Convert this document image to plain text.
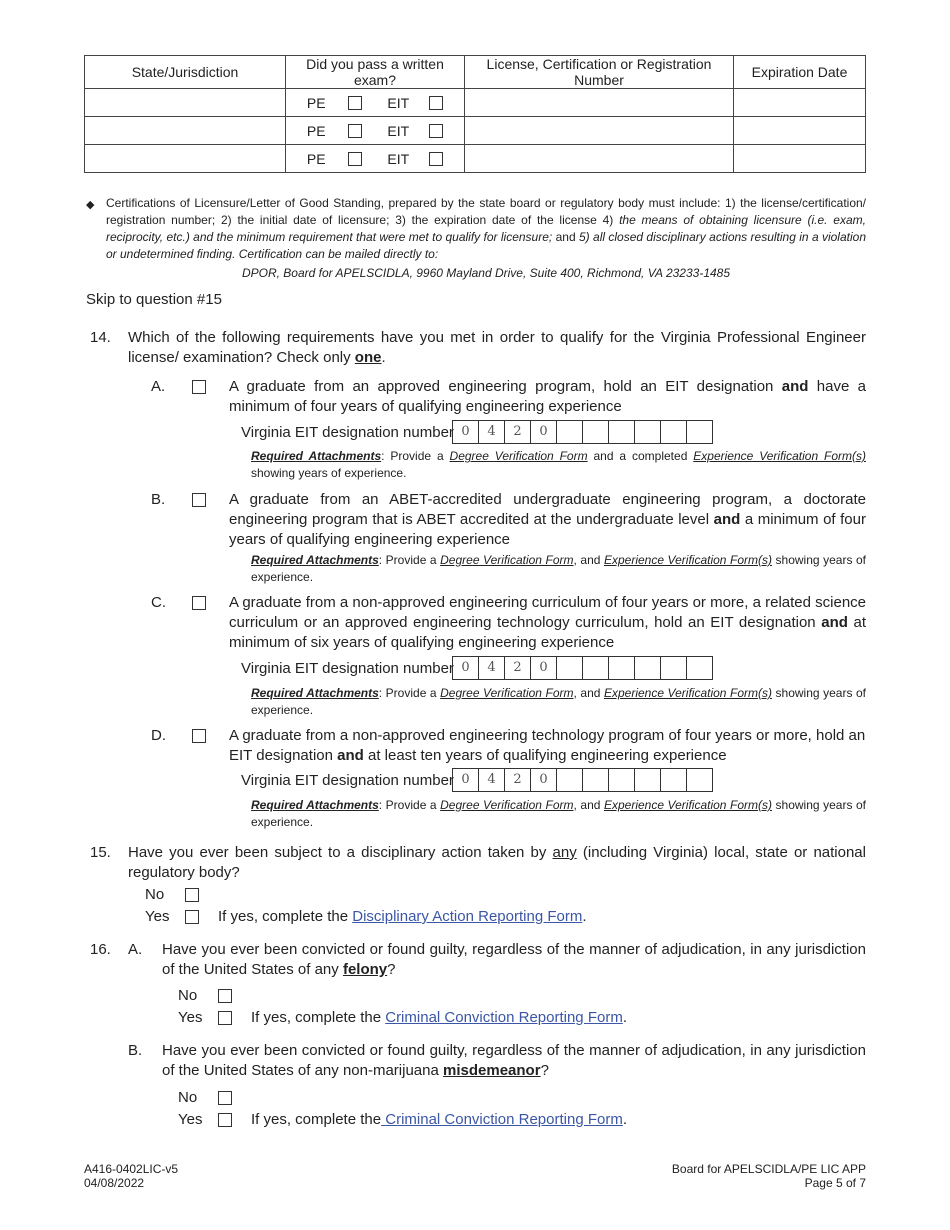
State/Jurisdiction	Did you pass a written exam?	License, Certification or Registration Number	Expiration Date
	PE EIT		
	PE EIT		
	PE EIT		
◆ Certifications of Licensure/Letter of Good Standing, prepared by the state board or regulatory body must include: 1) the license/certification/ registration number; 2) the initial date of licensure; 3) the expiration date of the license 4) the means of obtaining licensure (i.e. exam, reciprocity, etc.) and the minimum requirement that were met to qualify for licensure; and 5) all closed disciplinary actions resulting in a violation or undetermined finding. Certification can be mailed directly to:
DPOR, Board for APELSCIDLA, 9960 Mayland Drive, Suite 400, Richmond, VA 23233-1485
Skip to question #15
14. Which of the following requirements have you met in order to qualify for the Virginia Professional Engineer license/ examination? Check only one.
A.	A graduate from an approved engineering program, hold an EIT designation and have a minimum of four years of qualifying engineering experience
Virginia EIT designation number 0	4	2	0
Required Attachments: Provide a Degree Verification Form and a completed Experience Verification Form(s) showing years of experience.
B.	A graduate from an ABET-accredited undergraduate engineering program, a doctorate engineering program that is ABET accredited at the undergraduate level and a minimum of four years of qualifying engineering experience
Required Attachments: Provide a Degree Verification Form, and Experience Verification Form(s) showing years of experience.
C.	A graduate from a non-approved engineering curriculum of four years or more, a related science curriculum or an approved engineering technology curriculum, hold an EIT designation and at minimum of six years of qualifying engineering experience
Virginia EIT designation number 0	4	2	0
Required Attachments: Provide a Degree Verification Form, and Experience Verification Form(s) showing years of experience.
D.	A graduate from a non-approved engineering technology program of four years or more, hold an EIT designation and at least ten years of qualifying engineering experience
Virginia EIT designation number 0	4	2	0
Required Attachments: Provide a Degree Verification Form, and Experience Verification Form(s) showing years of experience.
15. Have you ever been subject to a disciplinary action taken by any (including Virginia) local, state or national regulatory body?
No
Yes	If yes, complete the Disciplinary Action Reporting Form.
16. A. Have you ever been convicted or found guilty, regardless of the manner of adjudication, in any jurisdiction of the United States of any felony?
No
Yes	If yes, complete the Criminal Conviction Reporting Form.
B. Have you ever been convicted or found guilty, regardless of the manner of adjudication, in any jurisdiction of the United States of any non-marijuana misdemeanor?
No
Yes	If yes, complete the Criminal Conviction Reporting Form.
A416-0402LIC-v5
04/08/2022
Board for APELSCIDLA/PE LIC APP
Page 5 of 7
